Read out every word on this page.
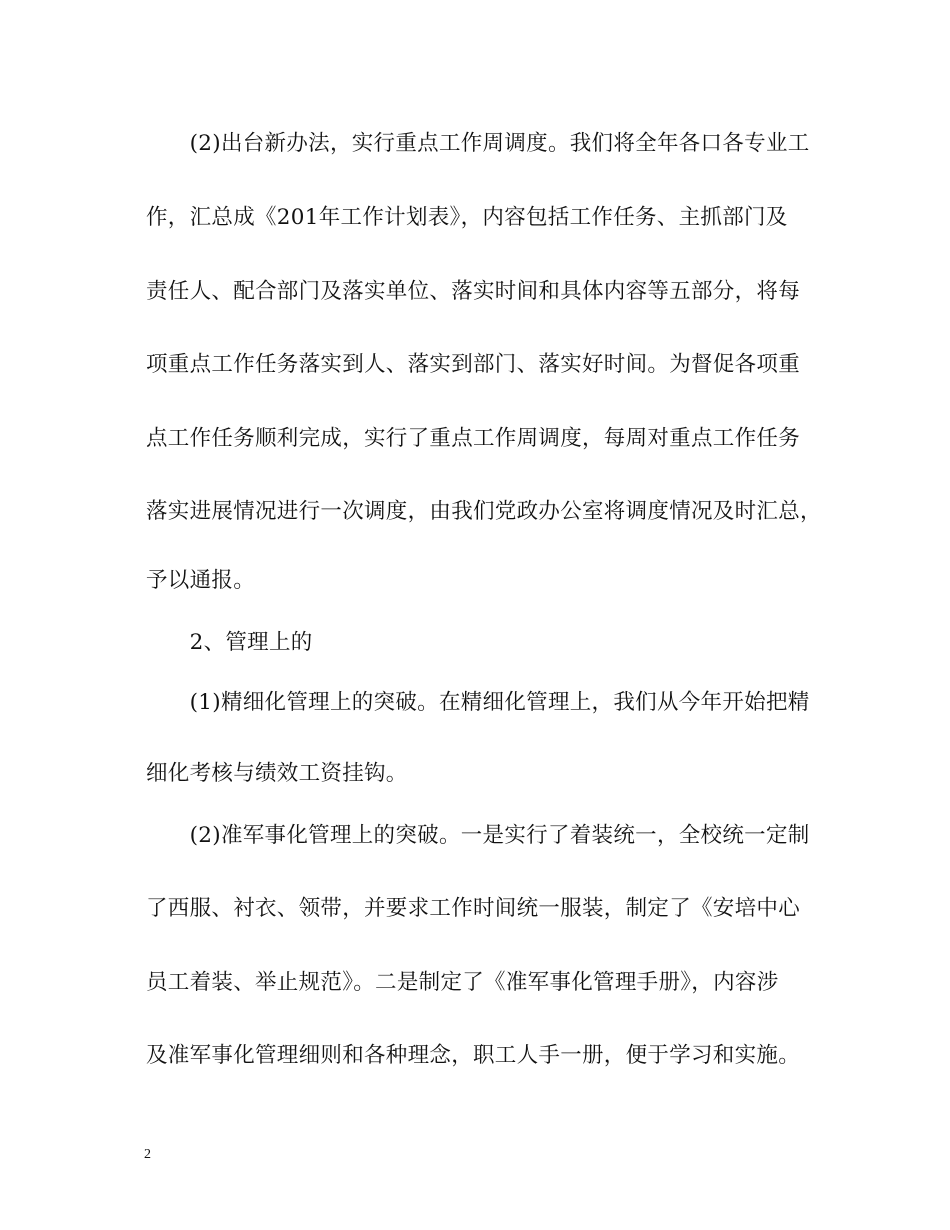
　　(2)出台新办法，实行重点工作周调度。我们将全年各口各专业工
作，汇总成《201年工作计划表》，内容包括工作任务、主抓部门及
责任人、配合部门及落实单位、落实时间和具体内容等五部分，将每
项重点工作任务落实到人、落实到部门、落实好时间。为督促各项重
点工作任务顺利完成，实行了重点工作周调度，每周对重点工作任务
落实进展情况进行一次调度，由我们党政办公室将调度情况及时汇总，
予以通报。
　　2、管理上的
　　(1)精细化管理上的突破。在精细化管理上，我们从今年开始把精
细化考核与绩效工资挂钩。
　　(2)准军事化管理上的突破。一是实行了着装统一，全校统一定制
了西服、衬衣、领带，并要求工作时间统一服装，制定了《安培中心
员工着装、举止规范》。二是制定了《准军事化管理手册》，内容涉
及准军事化管理细则和各种理念，职工人手一册，便于学习和实施。
2
